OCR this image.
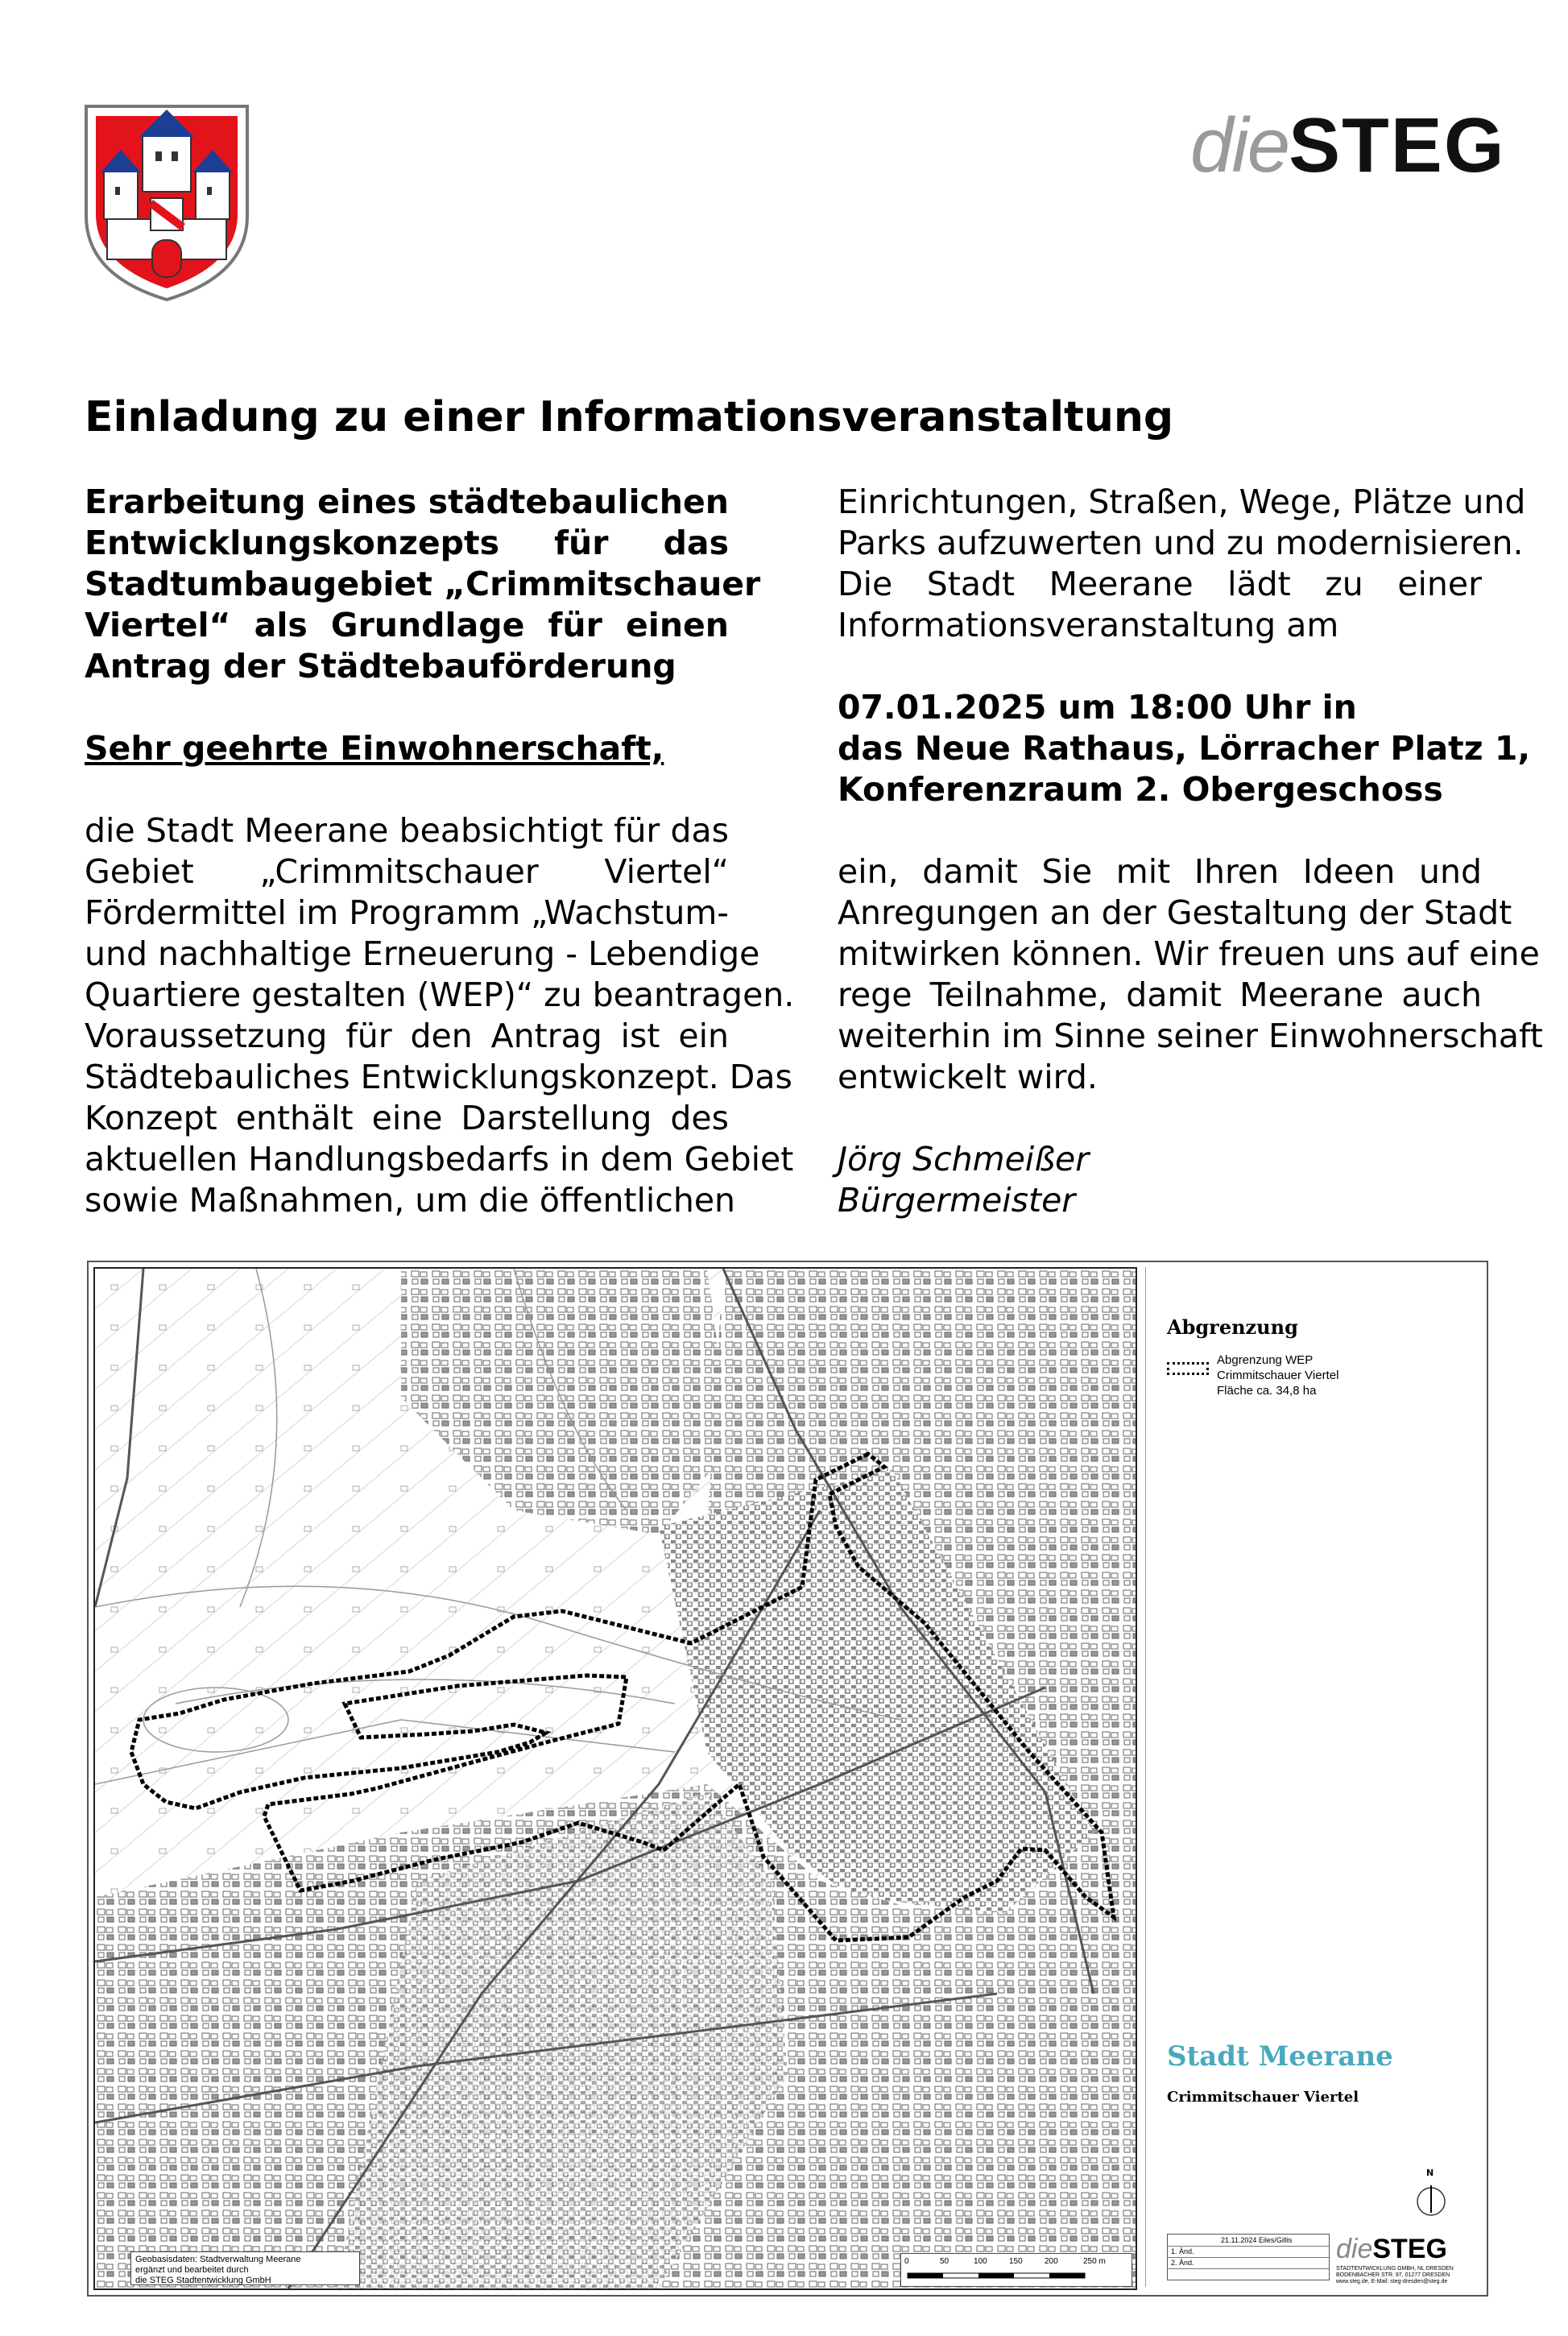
dieSTEG
Einladung zu einer Informationsveranstaltung
Erarbeitung eines städtebaulichen
Entwicklungskonzepts für das
Stadtumbaugebiet „Crimmitschauer
Viertel“ als Grundlage für einen
Antrag der Städtebauförderung
Sehr geehrte Einwohnerschaft,
die Stadt Meerane beabsichtigt für das
Gebiet „Crimmitschauer Viertel“
Fördermittel im Programm „Wachstum-
und nachhaltige Erneuerung - Lebendige
Quartiere gestalten (WEP)“ zu beantragen.
Voraussetzung für den Antrag ist ein
Städtebauliches Entwicklungskonzept. Das
Konzept enthält eine Darstellung des
aktuellen Handlungsbedarfs in dem Gebiet
sowie Maßnahmen, um die öffentlichen
Einrichtungen, Straßen, Wege, Plätze und
Parks aufzuwerten und zu modernisieren.
Die Stadt Meerane lädt zu einer
Informationsveranstaltung am
07.01.2025 um 18:00 Uhr in
das Neue Rathaus, Lörracher Platz 1,
Konferenzraum 2. Obergeschoss
ein, damit Sie mit Ihren Ideen und
Anregungen an der Gestaltung der Stadt
mitwirken können. Wir freuen uns auf eine
rege Teilnahme, damit Meerane auch
weiterhin im Sinne seiner Einwohnerschaft
entwickelt wird.
Jörg Schmeißer
Bürgermeister
Geobasisdaten: Stadtverwaltung Meerane
ergänzt und bearbeitet durch
die STEG Stadtentwicklung GmbH
0	50	100	150	200	250 m
Abgrenzung
Abgrenzung WEP
Crimmitschauer Viertel
Fläche ca. 34,8 ha
Stadt Meerane
Crimmitschauer Viertel
N
21.11.2024 Eiles/Gillis
1. Änd.
2. Änd.	dieSTEG
STADTENTWICKLUNG GMBH, NL DRESDEN
BODENBACHER STR. 97, 01277 DRESDEN
www.steg.de, E-Mail: steg-dresden@steg.de
